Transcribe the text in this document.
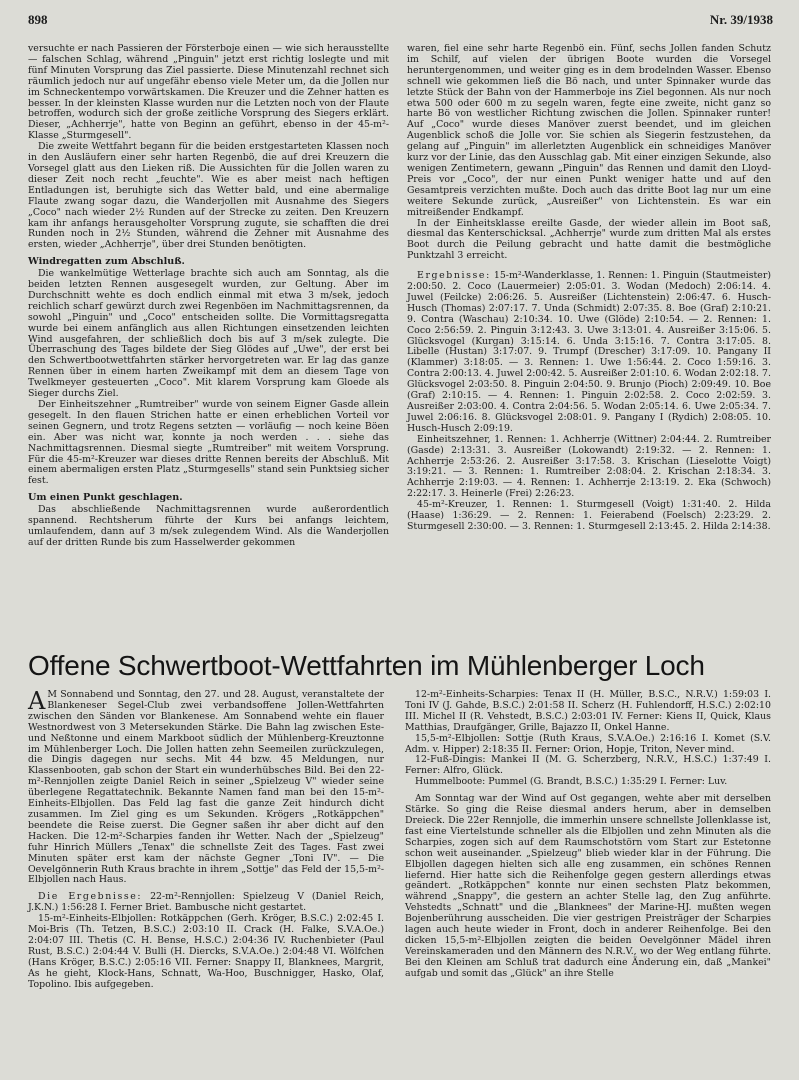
898	Nr. 39/1938

versuchte er nach Passieren der Försterboje einen — wie sich herausstellte — falschen Schlag, während „Pinguin" jetzt erst richtig loslegte und mit fünf Minuten Vorsprung das Ziel passierte. Diese Minutenzahl rechnet sich räumlich jedoch nur auf ungefähr ebenso viele Meter um, da die Jollen nur im Schneckentempo vorwärtskamen. Die Kreuzer und die Zehner hatten es besser. In der kleinsten Klasse wurden nur die Letzten noch von der Flaute betroffen, wodurch sich der große zeitliche Vorsprung des Siegers erklärt. Dieser, „Achherrje", hatte von Beginn an geführt, ebenso in der 45-m²-Klasse „Sturmgesell".

Die zweite Wettfahrt begann für die beiden erstgestarteten Klassen noch in den Ausläufern einer sehr harten Regenbö, die auf drei Kreuzern die Vorsegel glatt aus den Lieken riß. Die Aussichten für die Jollen waren zu dieser Zeit noch recht „feuchte". Wie es aber meist nach heftigen Entladungen ist, beruhigte sich das Wetter bald, und eine abermalige Flaute zwang sogar dazu, die Wanderjollen mit Ausnahme des Siegers „Coco" nach wieder 2½ Runden auf der Strecke zu zeiten. Den Kreuzern kam ihr anfangs herausgeholter Vorsprung zugute, sie schafften die drei Runden noch in 2½ Stunden, während die Zehner mit Ausnahme des ersten, wieder „Achherrje", über drei Stunden benötigten.

Windregatten zum Abschluß.

Die wankelmütige Wetterlage brachte sich auch am Sonntag, als die beiden letzten Rennen ausgesegelt wurden, zur Geltung. Aber im Durchschnitt wehte es doch endlich einmal mit etwa 3 m/sek, jedoch reichlich scharf gewürzt durch zwei Regenböen im Nachmittagsrennen, da sowohl „Pinguin" und „Coco" entscheiden sollte. Die Vormittagsregatta wurde bei einem anfänglich aus allen Richtungen einsetzenden leichten Wind ausgefahren, der schließlich doch bis auf 3 m/sek zulegte. Die Überraschung des Tages bildete der Sieg Glödes auf „Uwe", der erst bei den Schwertbootwettfahrten stärker hervorgetreten war. Er lag das ganze Rennen über in einem harten Zweikampf mit dem an diesem Tage von Twelkmeyer gesteuerten „Coco". Mit klarem Vorsprung kam Gloede als Sieger durchs Ziel.

Der Einheitszehner „Rumtreiber" wurde von seinem Eigner Gasde allein gesegelt. In den flauen Strichen hatte er einen erheblichen Vorteil vor seinen Gegnern, und trotz Regens setzten — vorläufig — noch keine Böen ein. Aber was nicht war, konnte ja noch werden . . . siehe das Nachmittagsrennen. Diesmal siegte „Rumtreiber" mit weitem Vorsprung. Für die 45-m²-Kreuzer war dieses dritte Rennen bereits der Abschluß. Mit einem abermaligen ersten Platz „Sturmgesells" stand sein Punktsieg sicher fest.

Um einen Punkt geschlagen.

Das abschließende Nachmittagsrennen wurde außerordentlich spannend. Rechtsherum führte der Kurs bei anfangs leichtem, umlaufendem, dann auf 3 m/sek zulegendem Wind. Als die Wanderjollen auf der dritten Runde bis zum Hasselwerder gekommen

waren, fiel eine sehr harte Regenbö ein. Fünf, sechs Jollen fanden Schutz im Schilf, auf vielen der übrigen Boote wurden die Vorsegel heruntergenommen, und weiter ging es in dem brodelnden Wasser. Ebenso schnell wie gekommen ließ die Bö nach, und unter Spinnaker wurde das letzte Stück der Bahn von der Hammerboje ins Ziel begonnen. Als nur noch etwa 500 oder 600 m zu segeln waren, fegte eine zweite, nicht ganz so harte Bö von westlicher Richtung zwischen die Jollen. Spinnaker runter! Auf „Coco" wurde dieses Manöver zuerst beendet, und im gleichen Augenblick schoß die Jolle vor. Sie schien als Siegerin festzustehen, da gelang auf „Pinguin" im allerletzten Augenblick ein schneidiges Manöver kurz vor der Linie, das den Ausschlag gab. Mit einer einzigen Sekunde, also wenigen Zentimetern, gewann „Pinguin" das Rennen und damit den Lloyd-Preis vor „Coco", der nur einen Punkt weniger hatte und auf den Gesamtpreis verzichten mußte. Doch auch das dritte Boot lag nur um eine weitere Sekunde zurück, „Ausreißer" von Lichtenstein. Es war ein mitreißender Endkampf.

In der Einheitsklasse ereilte Gasde, der wieder allein im Boot saß, diesmal das Kenterschicksal. „Achherrje" wurde zum dritten Mal als erstes Boot durch die Peilung gebracht und hatte damit die bestmögliche Punktzahl 3 erreicht.

Ergebnisse: 15-m²-Wanderklasse, 1. Rennen: 1. Pinguin (Stautmeister) 2:00:50. 2. Coco (Lauermeier) 2:05:01. 3. Wodan (Medoch) 2:06:14. 4. Juwel (Feilcke) 2:06:26. 5. Ausreißer (Lichtenstein) 2:06:47. 6. Husch-Husch (Thomas) 2:07:17. 7. Unda (Schmidt) 2:07:35. 8. Boe (Graf) 2:10:21. 9. Contra (Waschau) 2:10:34. 10. Uwe (Glöde) 2:10:54. — 2. Rennen: 1. Coco 2:56:59. 2. Pinguin 3:12:43. 3. Uwe 3:13:01. 4. Ausreißer 3:15:06. 5. Glücksvogel (Kurgan) 3:15:14. 6. Unda 3:15:16. 7. Contra 3:17:05. 8. Libelle (Hustan) 3:17:07. 9. Trumpf (Drescher) 3:17:09. 10. Pangany II (Klammer) 3:18:05. — 3. Rennen: 1. Uwe 1:56:44. 2. Coco 1:59:16. 3. Contra 2:00:13. 4. Juwel 2:00:42. 5. Ausreißer 2:01:10. 6. Wodan 2:02:18. 7. Glücksvogel 2:03:50. 8. Pinguin 2:04:50. 9. Brunjo (Pioch) 2:09:49. 10. Boe (Graf) 2:10:15. — 4. Rennen: 1. Pinguin 2:02:58. 2. Coco 2:02:59. 3. Ausreißer 2:03:00. 4. Contra 2:04:56. 5. Wodan 2:05:14. 6. Uwe 2:05:34. 7. Juwel 2:06:16. 8. Glücksvogel 2:08:01. 9. Pangany I (Rydich) 2:08:05. 10. Husch-Husch 2:09:19.

Einheitszehner, 1. Rennen: 1. Achherrje (Wittner) 2:04:44. 2. Rumtreiber (Gasde) 2:13:31. 3. Ausreißer (Lokowandt) 2:19:32. — 2. Rennen: 1. Achherrje 2:53:26. 2. Ausreißer 3:17:58. 3. Krischan (Lieselotte Voigt) 3:19:21. — 3. Rennen: 1. Rumtreiber 2:08:04. 2. Krischan 2:18:34. 3. Achherrje 2:19:03. — 4. Rennen: 1. Achherrje 2:13:19. 2. Eka (Schwoch) 2:22:17. 3. Heinerle (Frei) 2:26:23.

45-m²-Kreuzer, 1. Rennen: 1. Sturmgesell (Voigt) 1:31:40. 2. Hilda (Haase) 1:36:29. — 2. Rennen: 1. Feierabend (Foelsch) 2:23:29. 2. Sturmgesell 2:30:00. — 3. Rennen: 1. Sturmgesell 2:13:45. 2. Hilda 2:14:38.

Offene Schwertboot-Wettfahrten im Mühlenberger Loch

A M Sonnabend und Sonntag, den 27. und 28. August, veranstaltete der Blankeneser Segel-Club zwei verbandsoffene Jollen-Wettfahrten zwischen den Sänden vor Blankenese. Am Sonnabend wehte ein flauer Westnordwest von 3 Metersekunden Stärke. Die Bahn lag zwischen Este- und Neßtonne und einem Markboot südlich der Mühlenberg-Kreuztonne im Mühlenberger Loch. Die Jollen hatten zehn Seemeilen zurückzulegen, die Dingis dagegen nur sechs. Mit 44 bzw. 45 Meldungen, nur Klassenbooten, gab schon der Start ein wunderhübsches Bild. Bei den 22-m²-Rennjollen zeigte Daniel Reich in seiner „Spielzeug V" wieder seine überlegene Regattatechnik. Bekannte Namen fand man bei den 15-m²-Einheits-Elbjollen. Das Feld lag fast die ganze Zeit hindurch dicht zusammen. Im Ziel ging es um Sekunden. Krögers „Rotkäppchen" beendete die Reise zuerst. Die Gegner saßen ihr aber dicht auf den Hacken. Die 12-m²-Scharpies fanden ihr Wetter. Nach der „Spielzeug" fuhr Hinrich Müllers „Tenax" die schnellste Zeit des Tages. Fast zwei Minuten später erst kam der nächste Gegner „Toni IV". — Die Oevelgönnerin Ruth Kraus brachte in ihrem „Sottje" das Feld der 15,5-m²-Elbjollen nach Haus.

Die Ergebnisse: 22-m²-Rennjollen: Spielzeug V (Daniel Reich, J.K.N.) 1:56:28 I. Ferner Briet. Bambusche nicht gestartet.

15-m²-Einheits-Elbjollen: Rotkäppchen (Gerh. Kröger, B.S.C.) 2:02:45 I. Moi-Bris (Th. Tetzen, B.S.C.) 2:03:10 II. Crack (H. Falke, S.V.A.Oe.) 2:04:07 III. Thetis (C. H. Bense, H.S.C.) 2:04:36 IV. Ruchenbieter (Paul Rust, B.S.C.) 2:04:44 V. Bulli (H. Diercks, S.V.A.Oe.) 2:04:48 VI. Wölfchen (Hans Kröger, B.S.C.) 2:05:16 VII. Ferner: Snappy II, Blanknees, Margrit, As he gieht, Klock-Hans, Schnatt, Wa-Hoo, Buschnigger, Hasko, Olaf, Topolino. Ibis aufgegeben.

12-m²-Einheits-Scharpies: Tenax II (H. Müller, B.S.C., N.R.V.) 1:59:03 I. Toni IV (J. Gahde, B.S.C.) 2:01:58 II. Scherz (H. Fuhlendorff, H.S.C.) 2:02:10 III. Michel II (R. Vehstedt, B.S.C.) 2:03:01 IV. Ferner: Kiens II, Quick, Klaus Matthias, Draufgänger, Grille, Bajazzo II, Onkel Hanne.

15,5-m²-Elbjollen: Sottje (Ruth Kraus, S.V.A.Oe.) 2:16:16 I. Komet (S.V. Adm. v. Hipper) 2:18:35 II. Ferner: Orion, Hopje, Triton, Never mind.

12-Fuß-Dingis: Mankei II (M. G. Scherzberg, N.R.V., H.S.C.) 1:37:49 I. Ferner: Alfro, Glück.

Hummelboote: Pummel (G. Brandt, B.S.C.) 1:35:29 I. Ferner: Luv.

Am Sonntag war der Wind auf Ost gegangen, wehte aber mit derselben Stärke. So ging die Reise diesmal anders herum, aber in demselben Dreieck. Die 22er Rennjolle, die immerhin unsere schnellste Jollenklasse ist, fast eine Viertelstunde schneller als die Elbjollen und zehn Minuten als die Scharpies, zogen sich auf dem Raumschotstörn vom Start zur Estetonne schon weit auseinander. „Spielzeug" blieb wieder klar in der Führung. Die Elbjollen dagegen hielten sich alle eng zusammen, ein schönes Rennen liefernd. Hier hatte sich die Reihenfolge gegen gestern allerdings etwas geändert. „Rotkäppchen" konnte nur einen sechsten Platz bekommen, während „Snappy", die gestern an achter Stelle lag, den Zug anführte. Vehstedts „Schnatt" und die „Blanknees" der Marine-HJ. mußten wegen Bojenberührung ausscheiden. Die vier gestrigen Preisträger der Scharpies lagen auch heute wieder in Front, doch in anderer Reihenfolge. Bei den dicken 15,5-m²-Elbjollen zeigten die beiden Oevelgönner Mädel ihren Vereinskameraden und den Männern des N.R.V., wo der Weg entlang führte. Bei den Kleinen am Schluß trat dadurch eine Änderung ein, daß „Mankei" aufgab und somit das „Glück" an ihre Stelle
